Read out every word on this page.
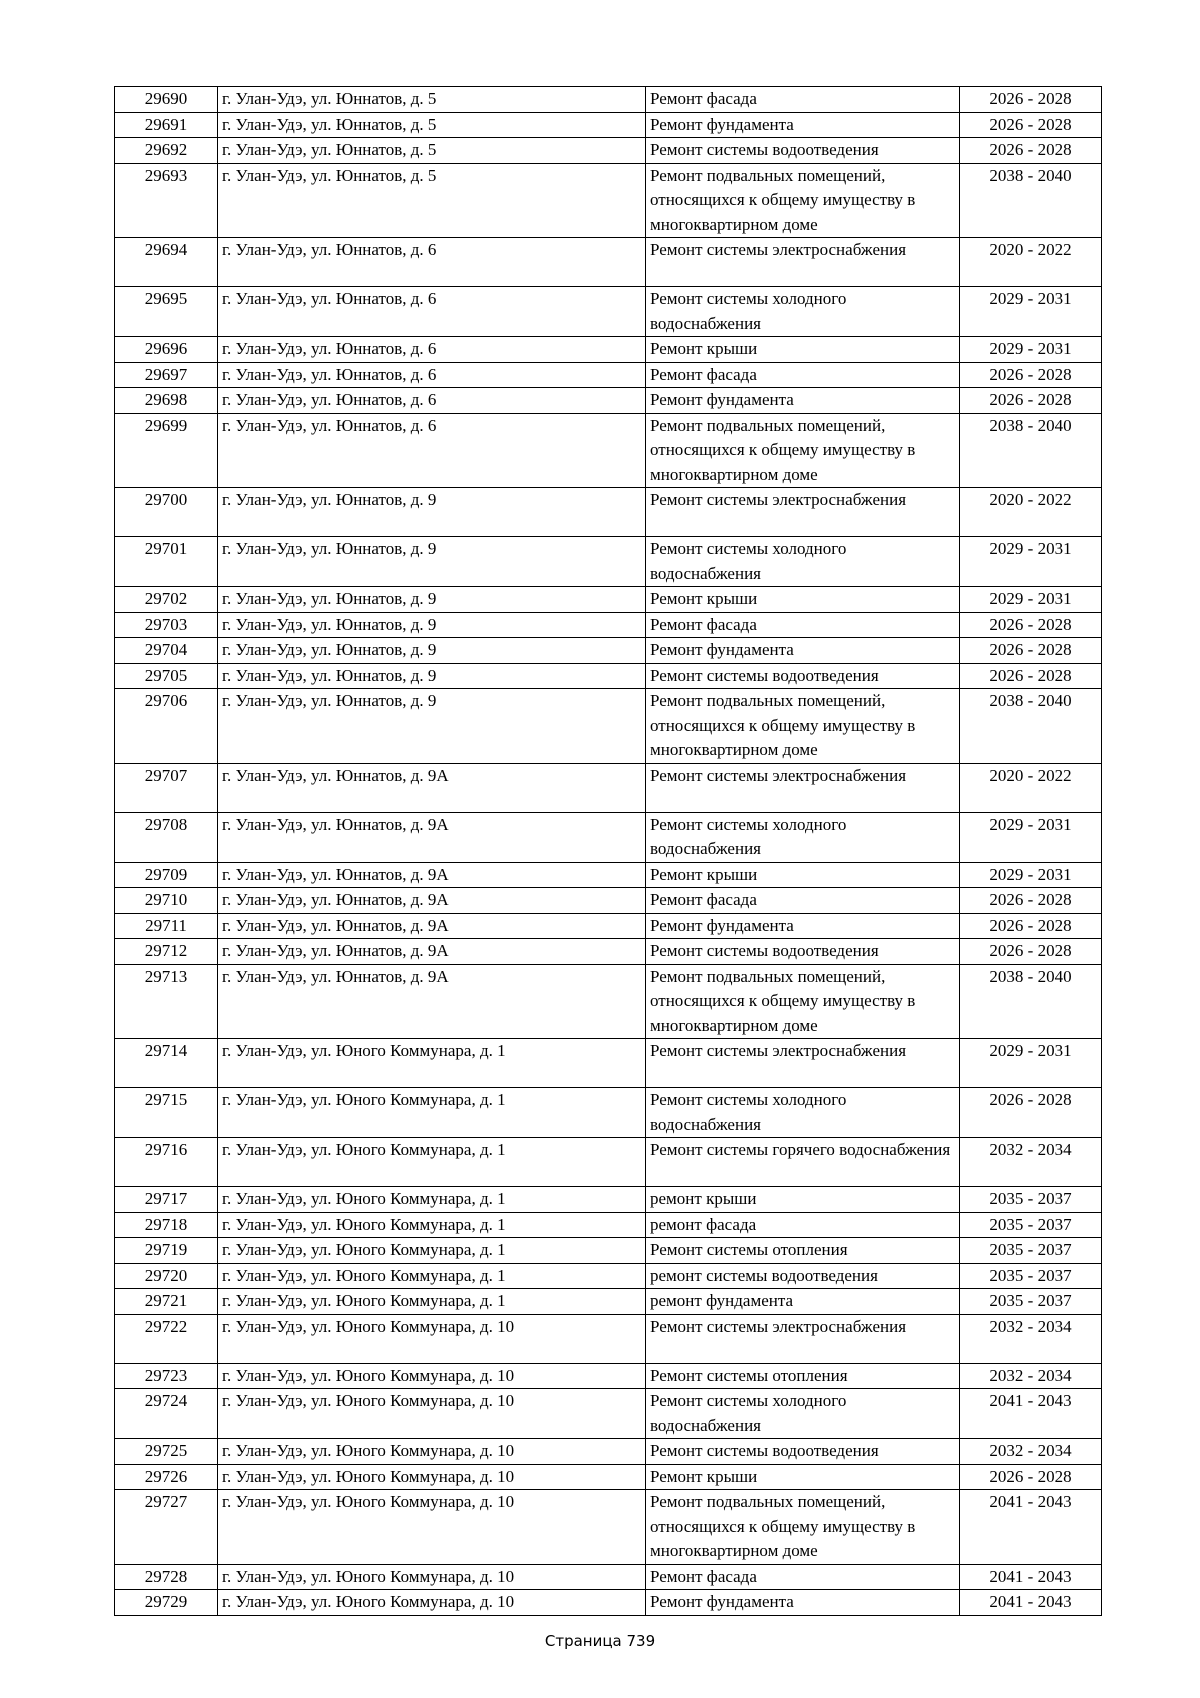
29690	г. Улан-Удэ, ул. Юннатов, д. 5	Ремонт фасада	2026 - 2028
29691	г. Улан-Удэ, ул. Юннатов, д. 5	Ремонт фундамента	2026 - 2028
29692	г. Улан-Удэ, ул. Юннатов, д. 5	Ремонт системы водоотведения	2026 - 2028
29693	г. Улан-Удэ, ул. Юннатов, д. 5	Ремонт подвальных помещений, относящихся к общему имуществу в многоквартирном доме	2038 - 2040
29694	г. Улан-Удэ, ул. Юннатов, д. 6	Ремонт системы электроснабжения	2020 - 2022
29695	г. Улан-Удэ, ул. Юннатов, д. 6	Ремонт системы холодного водоснабжения	2029 - 2031
29696	г. Улан-Удэ, ул. Юннатов, д. 6	Ремонт крыши	2029 - 2031
29697	г. Улан-Удэ, ул. Юннатов, д. 6	Ремонт фасада	2026 - 2028
29698	г. Улан-Удэ, ул. Юннатов, д. 6	Ремонт фундамента	2026 - 2028
29699	г. Улан-Удэ, ул. Юннатов, д. 6	Ремонт подвальных помещений, относящихся к общему имуществу в многоквартирном доме	2038 - 2040
29700	г. Улан-Удэ, ул. Юннатов, д. 9	Ремонт системы электроснабжения	2020 - 2022
29701	г. Улан-Удэ, ул. Юннатов, д. 9	Ремонт системы холодного водоснабжения	2029 - 2031
29702	г. Улан-Удэ, ул. Юннатов, д. 9	Ремонт крыши	2029 - 2031
29703	г. Улан-Удэ, ул. Юннатов, д. 9	Ремонт фасада	2026 - 2028
29704	г. Улан-Удэ, ул. Юннатов, д. 9	Ремонт фундамента	2026 - 2028
29705	г. Улан-Удэ, ул. Юннатов, д. 9	Ремонт системы водоотведения	2026 - 2028
29706	г. Улан-Удэ, ул. Юннатов, д. 9	Ремонт подвальных помещений, относящихся к общему имуществу в многоквартирном доме	2038 - 2040
29707	г. Улан-Удэ, ул. Юннатов, д. 9А	Ремонт системы электроснабжения	2020 - 2022
29708	г. Улан-Удэ, ул. Юннатов, д. 9А	Ремонт системы холодного водоснабжения	2029 - 2031
29709	г. Улан-Удэ, ул. Юннатов, д. 9А	Ремонт крыши	2029 - 2031
29710	г. Улан-Удэ, ул. Юннатов, д. 9А	Ремонт фасада	2026 - 2028
29711	г. Улан-Удэ, ул. Юннатов, д. 9А	Ремонт фундамента	2026 - 2028
29712	г. Улан-Удэ, ул. Юннатов, д. 9А	Ремонт системы водоотведения	2026 - 2028
29713	г. Улан-Удэ, ул. Юннатов, д. 9А	Ремонт подвальных помещений, относящихся к общему имуществу в многоквартирном доме	2038 - 2040
29714	г. Улан-Удэ, ул. Юного Коммунара, д. 1	Ремонт системы электроснабжения	2029 - 2031
29715	г. Улан-Удэ, ул. Юного Коммунара, д. 1	Ремонт системы холодного водоснабжения	2026 - 2028
29716	г. Улан-Удэ, ул. Юного Коммунара, д. 1	Ремонт системы горячего водоснабжения	2032 - 2034
29717	г. Улан-Удэ, ул. Юного Коммунара, д. 1	ремонт крыши	2035 - 2037
29718	г. Улан-Удэ, ул. Юного Коммунара, д. 1	ремонт фасада	2035 - 2037
29719	г. Улан-Удэ, ул. Юного Коммунара, д. 1	Ремонт системы отопления	2035 - 2037
29720	г. Улан-Удэ, ул. Юного Коммунара, д. 1	ремонт системы водоотведения	2035 - 2037
29721	г. Улан-Удэ, ул. Юного Коммунара, д. 1	ремонт фундамента	2035 - 2037
29722	г. Улан-Удэ, ул. Юного Коммунара, д. 10	Ремонт системы электроснабжения	2032 - 2034
29723	г. Улан-Удэ, ул. Юного Коммунара, д. 10	Ремонт системы отопления	2032 - 2034
29724	г. Улан-Удэ, ул. Юного Коммунара, д. 10	Ремонт системы холодного водоснабжения	2041 - 2043
29725	г. Улан-Удэ, ул. Юного Коммунара, д. 10	Ремонт системы водоотведения	2032 - 2034
29726	г. Улан-Удэ, ул. Юного Коммунара, д. 10	Ремонт крыши	2026 - 2028
29727	г. Улан-Удэ, ул. Юного Коммунара, д. 10	Ремонт подвальных помещений, относящихся к общему имуществу в многоквартирном доме	2041 - 2043
29728	г. Улан-Удэ, ул. Юного Коммунара, д. 10	Ремонт фасада	2041 - 2043
29729	г. Улан-Удэ, ул. Юного Коммунара, д. 10	Ремонт фундамента	2041 - 2043
Страница 739
